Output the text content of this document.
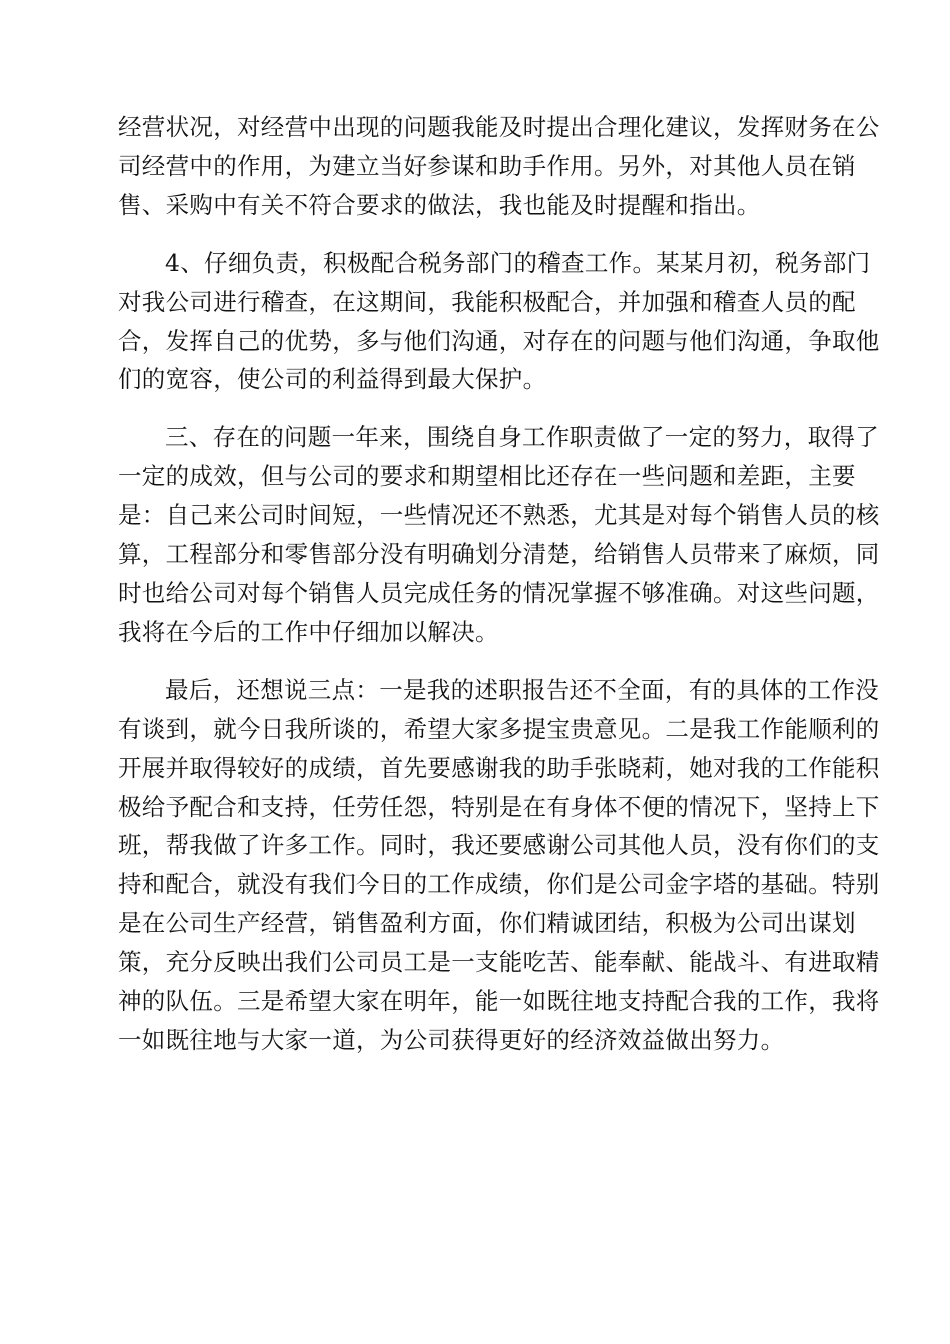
经营状况，对经营中出现的问题我能及时提出合理化建议，发挥财务在公
司经营中的作用，为建立当好参谋和助手作用。另外，对其他人员在销
售、采购中有关不符合要求的做法，我也能及时提醒和指出。

4、仔细负责，积极配合税务部门的稽查工作。某某月初，税务部门
对我公司进行稽查，在这期间，我能积极配合，并加强和稽查人员的配
合，发挥自己的优势，多与他们沟通，对存在的问题与他们沟通，争取他
们的宽容，使公司的利益得到最大保护。

三、存在的问题一年来，围绕自身工作职责做了一定的努力，取得了
一定的成效，但与公司的要求和期望相比还存在一些问题和差距，主要
是：自己来公司时间短，一些情况还不熟悉，尤其是对每个销售人员的核
算，工程部分和零售部分没有明确划分清楚，给销售人员带来了麻烦，同
时也给公司对每个销售人员完成任务的情况掌握不够准确。对这些问题，
我将在今后的工作中仔细加以解决。

最后，还想说三点：一是我的述职报告还不全面，有的具体的工作没
有谈到，就今日我所谈的，希望大家多提宝贵意见。二是我工作能顺利的
开展并取得较好的成绩，首先要感谢我的助手张晓莉，她对我的工作能积
极给予配合和支持，任劳任怨，特别是在有身体不便的情况下，坚持上下
班，帮我做了许多工作。同时，我还要感谢公司其他人员，没有你们的支
持和配合，就没有我们今日的工作成绩，你们是公司金字塔的基础。特别
是在公司生产经营，销售盈利方面，你们精诚团结，积极为公司出谋划
策，充分反映出我们公司员工是一支能吃苦、能奉献、能战斗、有进取精
神的队伍。三是希望大家在明年，能一如既往地支持配合我的工作，我将
一如既往地与大家一道，为公司获得更好的经济效益做出努力。
